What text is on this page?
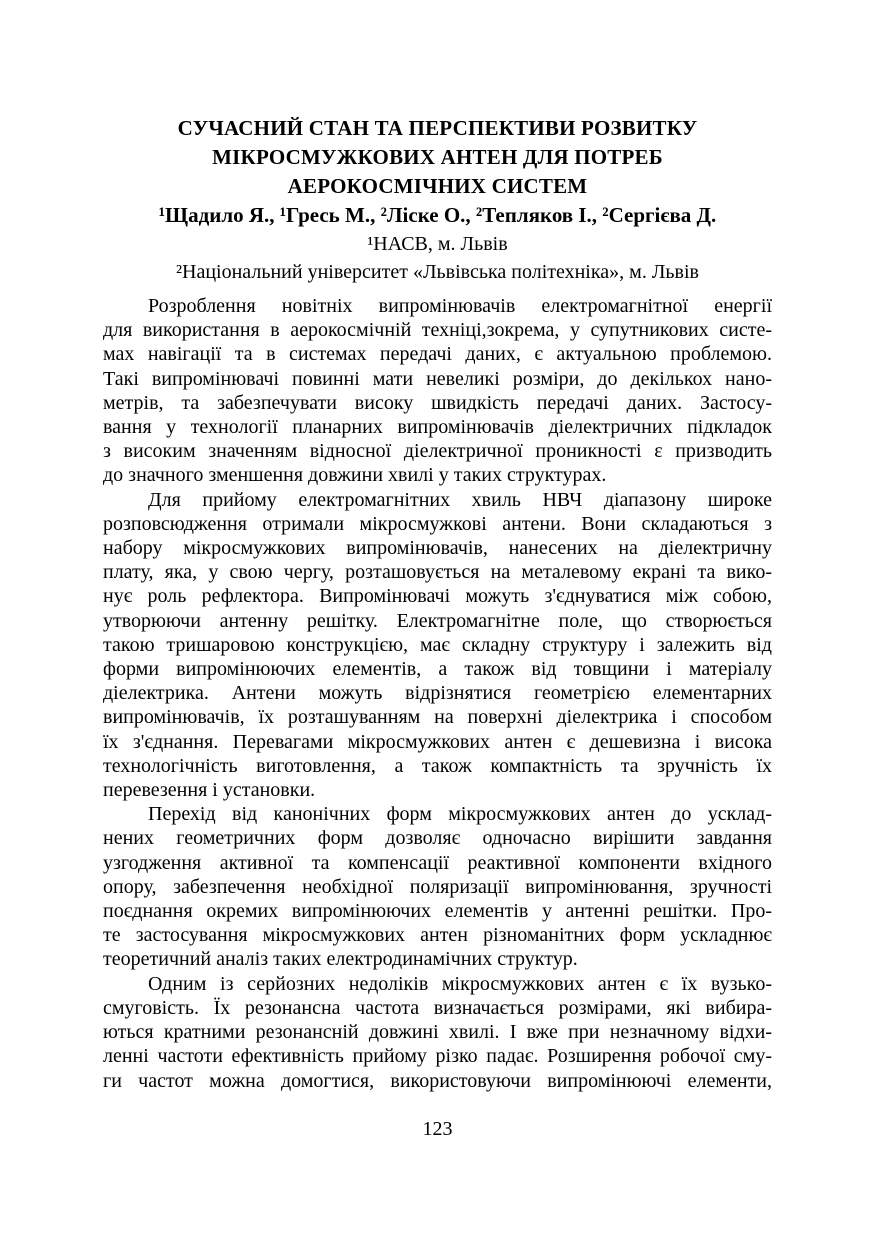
СУЧАСНИЙ СТАН ТА ПЕРСПЕКТИВИ РОЗВИТКУ
МІКРОСМУЖКОВИХ АНТЕН ДЛЯ ПОТРЕБ
АЕРОКОСМІЧНИХ СИСТЕМ
¹Щадило Я., ¹Гресь М., ²Ліске О., ²Тепляков І., ²Сергієва Д.
¹НАСВ, м. Львів
²Національний університет «Львівська політехніка», м. Львів
Розроблення новітніх випромінювачів електромагнітної енергії
для використання в аерокосмічній техніці,зокрема, у супутникових систе-
мах навігації та в системах передачі даних, є актуальною проблемою.
Такі випромінювачі повинні мати невеликі розміри, до декількох нано-
метрів, та забезпечувати високу швидкість передачі даних. Застосу-
вання у технології планарних випромінювачів діелектричних підкладок
з високим значенням відносної діелектричної проникності ε призводить
до значного зменшення довжини хвилі у таких структурах.
Для прийому електромагнітних хвиль НВЧ діапазону широке
розповсюдження отримали мікросмужкові антени. Вони складаються з
набору мікросмужкових випромінювачів, нанесених на діелектричну
плату, яка, у свою чергу, розташовується на металевому екрані та вико-
нує роль рефлектора. Випромінювачі можуть з'єднуватися між собою,
утворюючи антенну решітку. Електромагнітне поле, що створюється
такою тришаровою конструкцією, має складну структуру і залежить від
форми випромінюючих елементів, а також від товщини і матеріалу
діелектрика. Антени можуть відрізнятися геометрією елементарних
випромінювачів, їх розташуванням на поверхні діелектрика і способом
їх з'єднання. Перевагами мікросмужкових антен є дешевизна і висока
технологічність виготовлення, а також компактність та зручність їх
перевезення і установки.
Перехід від канонічних форм мікросмужкових антен до усклад-
нених геометричних форм дозволяє одночасно вирішити завдання
узгодження активної та компенсації реактивної компоненти вхідного
опору, забезпечення необхідної поляризації випромінювання, зручності
поєднання окремих випромінюючих елементів у антенні решітки. Про-
те застосування мікросмужкових антен різноманітних форм ускладнює
теоретичний аналіз таких електродинамічних структур.
Одним із серйозних недоліків мікросмужкових антен є їх вузько-
смуговість. Їх резонансна частота визначається розмірами, які вибира-
ються кратними резонансній довжині хвилі. І вже при незначному відхи-
ленні частоти ефективність прийому різко падає. Розширення робочої сму-
ги частот можна домогтися, використовуючи випромінюючі елементи,
123
